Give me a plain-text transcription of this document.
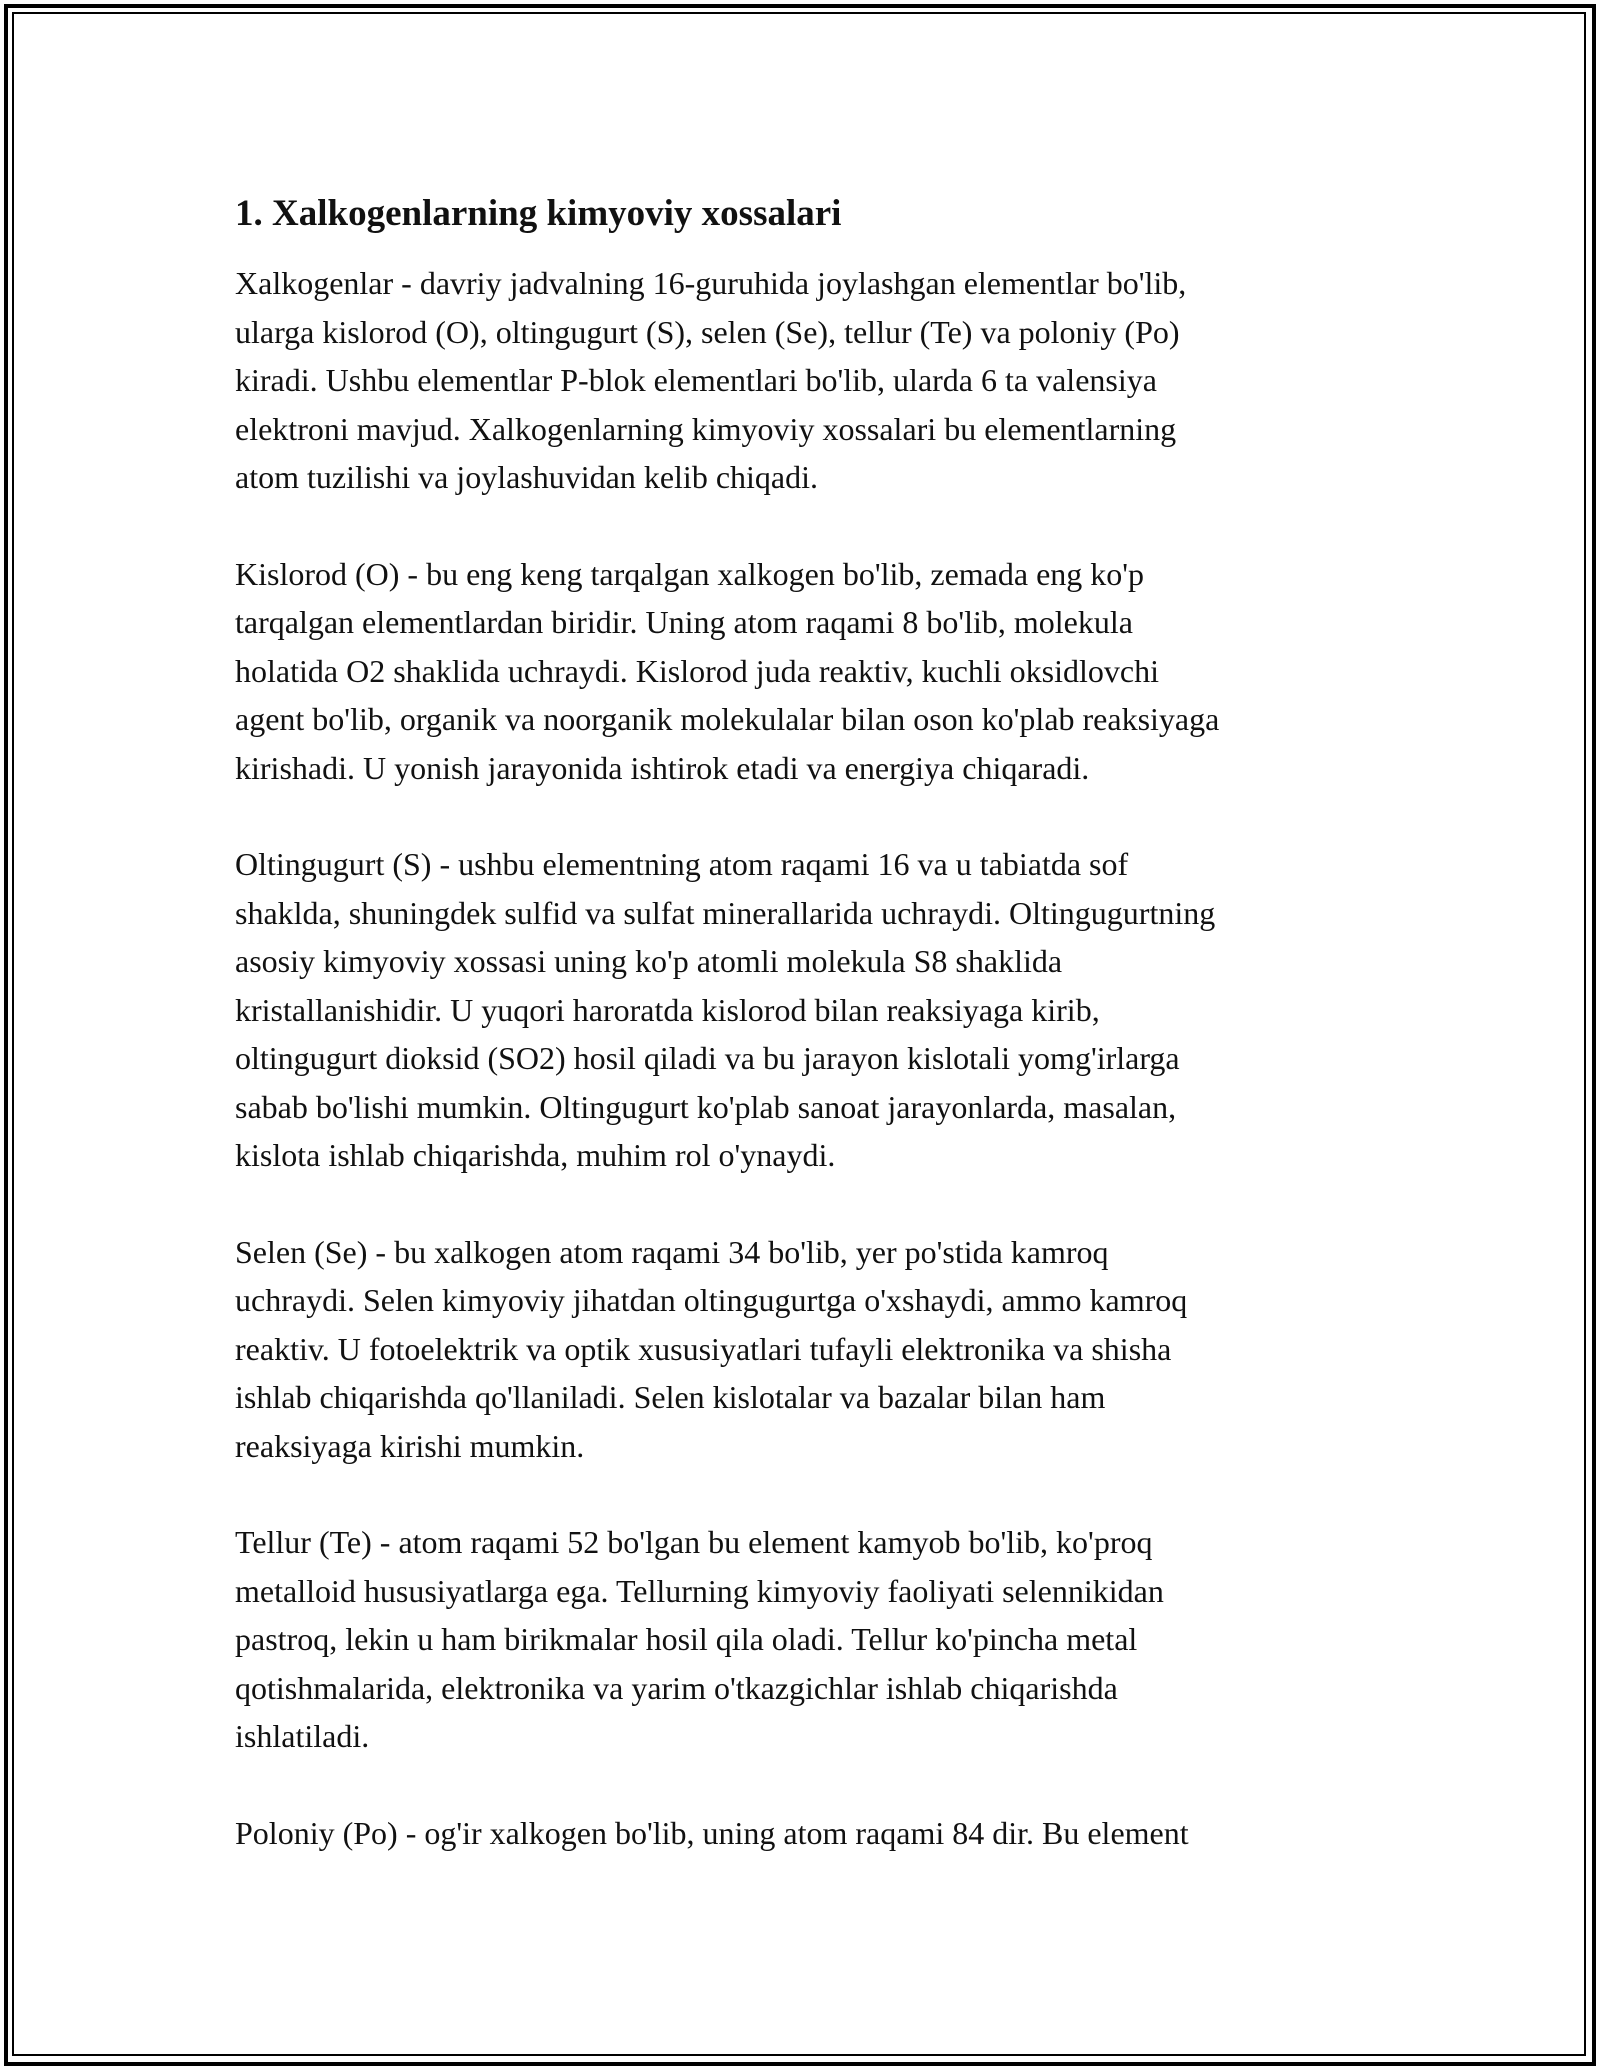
1. Xalkogenlarning kimyoviy xossalari
Xalkogenlar - davriy jadvalning 16-guruhida joylashgan elementlar bo'lib,
ularga kislorod (O), oltingugurt (S), selen (Se), tellur (Te) va poloniy (Po)
kiradi. Ushbu elementlar P-blok elementlari bo'lib, ularda 6 ta valensiya
elektroni mavjud. Xalkogenlarning kimyoviy xossalari bu elementlarning
atom tuzilishi va joylashuvidan kelib chiqadi.
Kislorod (O) - bu eng keng tarqalgan xalkogen bo'lib, zemada eng ko'p
tarqalgan elementlardan biridir. Uning atom raqami 8 bo'lib, molekula
holatida O2 shaklida uchraydi. Kislorod juda reaktiv, kuchli oksidlovchi
agent bo'lib, organik va noorganik molekulalar bilan oson ko'plab reaksiyaga
kirishadi. U yonish jarayonida ishtirok etadi va energiya chiqaradi.
Oltingugurt (S) - ushbu elementning atom raqami 16 va u tabiatda sof
shaklda, shuningdek sulfid va sulfat minerallarida uchraydi. Oltingugurtning
asosiy kimyoviy xossasi uning ko'p atomli molekula S8 shaklida
kristallanishidir. U yuqori haroratda kislorod bilan reaksiyaga kirib,
oltingugurt dioksid (SO2) hosil qiladi va bu jarayon kislotali yomg'irlarga
sabab bo'lishi mumkin. Oltingugurt ko'plab sanoat jarayonlarda, masalan,
kislota ishlab chiqarishda, muhim rol o'ynaydi.
Selen (Se) - bu xalkogen atom raqami 34 bo'lib, yer po'stida kamroq
uchraydi. Selen kimyoviy jihatdan oltingugurtga o'xshaydi, ammo kamroq
reaktiv. U fotoelektrik va optik xususiyatlari tufayli elektronika va shisha
ishlab chiqarishda qo'llaniladi. Selen kislotalar va bazalar bilan ham
reaksiyaga kirishi mumkin.
Tellur (Te) - atom raqami 52 bo'lgan bu element kamyob bo'lib, ko'proq
metalloid hususiyatlarga ega. Tellurning kimyoviy faoliyati selennikidan
pastroq, lekin u ham birikmalar hosil qila oladi. Tellur ko'pincha metal
qotishmalarida, elektronika va yarim o'tkazgichlar ishlab chiqarishda
ishlatiladi.
Poloniy (Po) - og'ir xalkogen bo'lib, uning atom raqami 84 dir. Bu element
